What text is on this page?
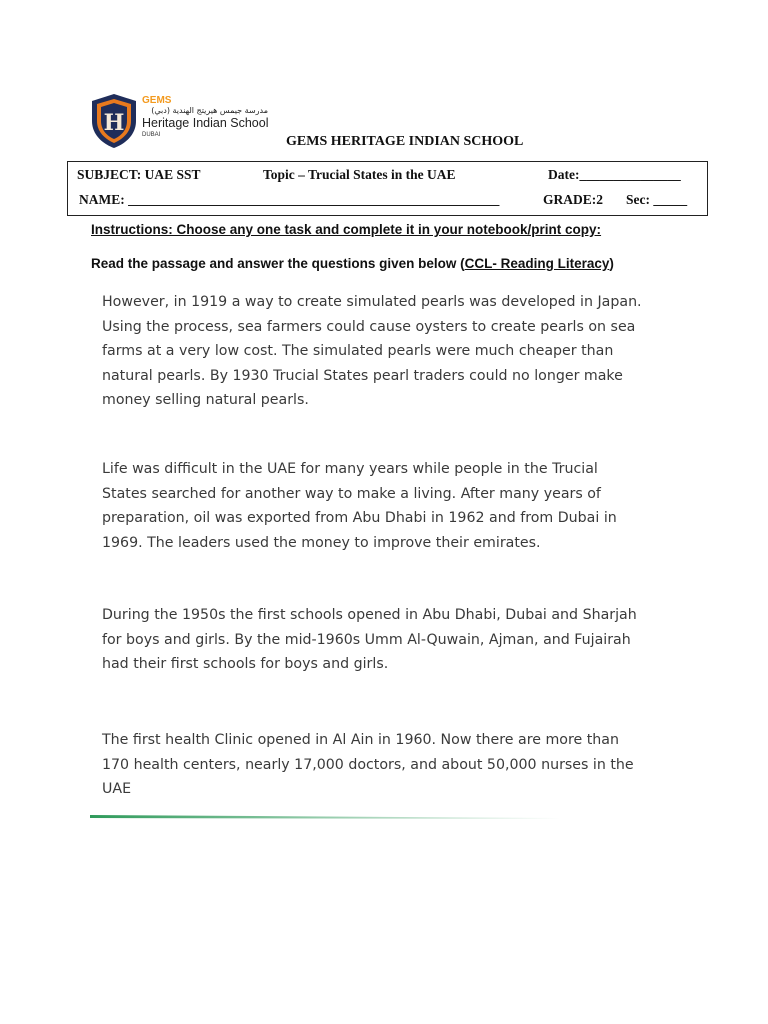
H
GEMS
مدرسة جيمس هيريتج الهندية (دبي)
Heritage Indian School
DUBAI	GEMS HERITAGE INDIAN SCHOOL
SUBJECT: UAE SST	Topic – Trucial States in the UAE	Date:_______________
NAME: _______________________________________________________	GRADE:2 Sec: _____
Instructions: Choose any one task and complete it in your notebook/print copy:
Read the passage and answer the questions given below (CCL- Reading Literacy)
However, in 1919 a way to create simulated pearls was developed in Japan. Using the process, sea farmers could cause oysters to create pearls on sea farms at a very low cost. The simulated pearls were much cheaper than natural pearls. By 1930 Trucial States pearl traders could no longer make money selling natural pearls.
Life was difficult in the UAE for many years while people in the Trucial States searched for another way to make a living. After many years of preparation, oil was exported from Abu Dhabi in 1962 and from Dubai in 1969. The leaders used the money to improve their emirates.
During the 1950s the first schools opened in Abu Dhabi, Dubai and Sharjah for boys and girls. By the mid-1960s Umm Al-Quwain, Ajman, and Fujairah had their first schools for boys and girls.
The first health Clinic opened in Al Ain in 1960. Now there are more than 170 health centers, nearly 17,000 doctors, and about 50,000 nurses in the UAE
